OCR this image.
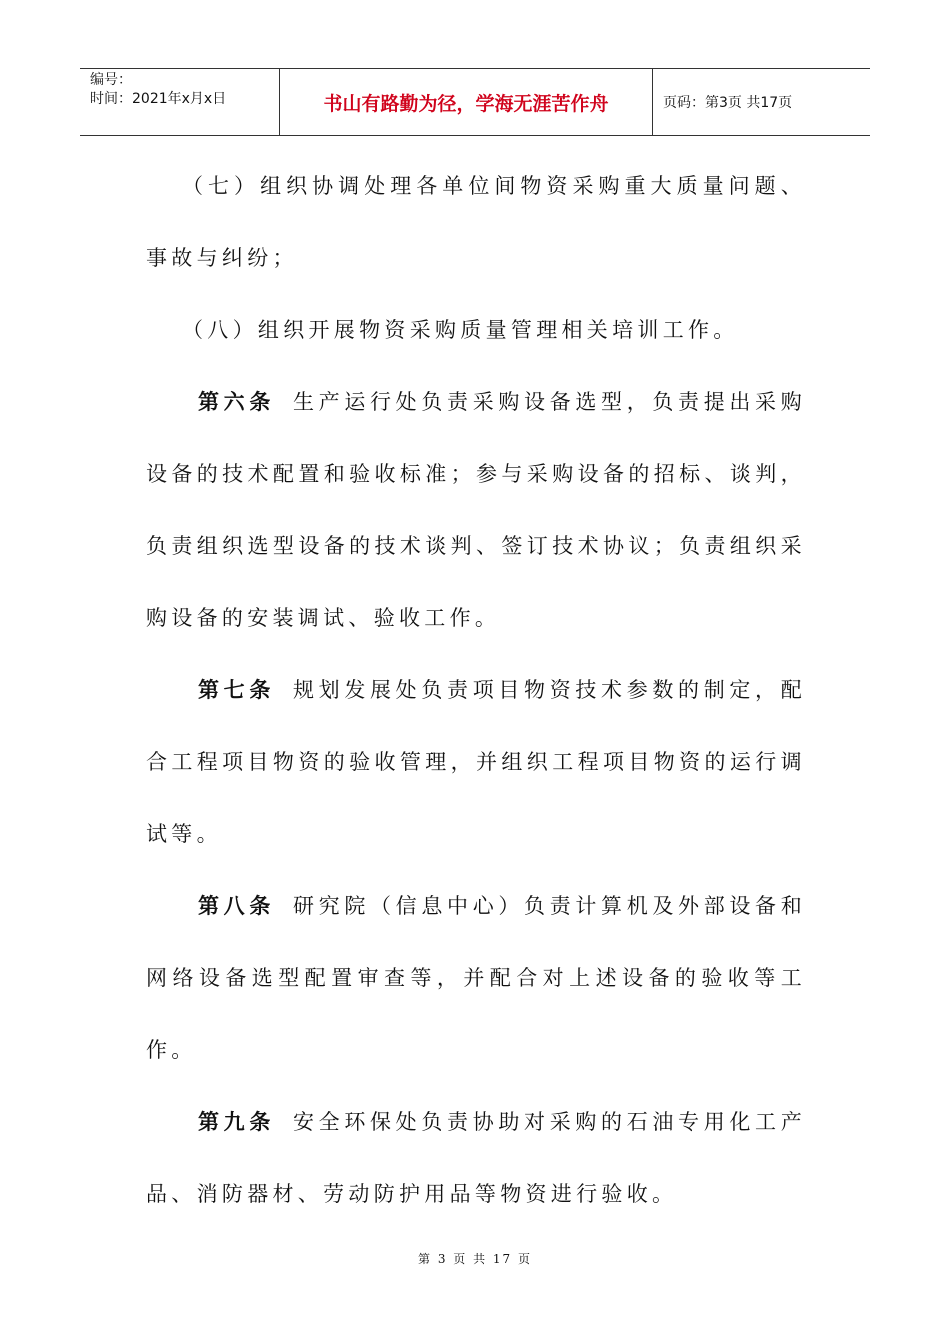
编号：
时间：2021年x月x日	书山有路勤为径，学海无涯苦作舟	页码：第3页 共17页

（七）组织协调处理各单位间物资采购重大质量问题、事故与纠纷；

（八）组织开展物资采购质量管理相关培训工作。

第六条 生产运行处负责采购设备选型，负责提出采购设备的技术配置和验收标准；参与采购设备的招标、谈判，负责组织选型设备的技术谈判、签订技术协议；负责组织采购设备的安装调试、验收工作。

第七条 规划发展处负责项目物资技术参数的制定，配合工程项目物资的验收管理，并组织工程项目物资的运行调试等。

第八条 研究院（信息中心）负责计算机及外部设备和网络设备选型配置审查等，并配合对上述设备的验收等工作。

第九条 安全环保处负责协助对采购的石油专用化工产品、消防器材、劳动防护用品等物资进行验收。

第 3 页 共 17 页
